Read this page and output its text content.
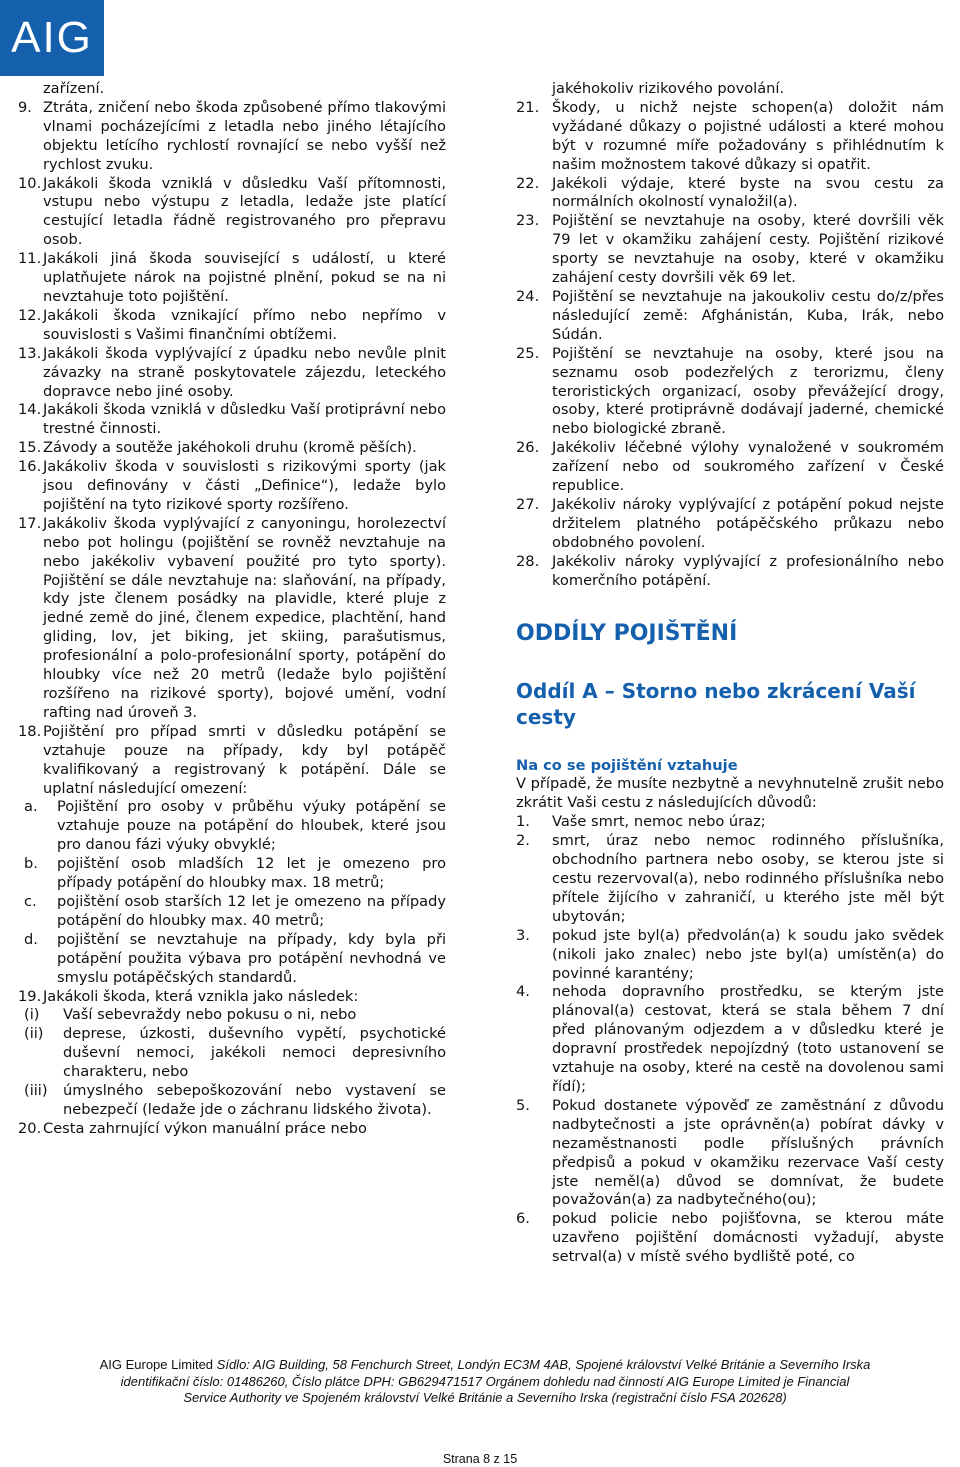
AIG
zařízení.
9. Ztráta, zničení nebo škoda způsobené přímo tlakovými vlnami pocházejícími z letadla nebo jiného létajícího objektu letícího rychlostí rovnající se nebo vyšší než rychlost zvuku.
10. Jakákoli škoda vzniklá v důsledku Vaší přítomnosti, vstupu nebo výstupu z letadla, ledaže jste platící cestující letadla řádně registrovaného pro přepravu osob.
11. Jakákoli jiná škoda související s událostí, u které uplatňujete nárok na pojistné plnění, pokud se na ni nevztahuje toto pojištění.
12. Jakákoli škoda vznikající přímo nebo nepřímo v souvislosti s Vašimi finančními obtížemi.
13. Jakákoli škoda vyplývající z úpadku nebo nevůle plnit závazky na straně poskytovatele zájezdu, leteckého dopravce nebo jiné osoby.
14. Jakákoli škoda vzniklá v důsledku Vaší protiprávní nebo trestné činnosti.
15. Závody a soutěže jakéhokoli druhu (kromě pěších).
16. Jakákoliv škoda v souvislosti s rizikovými sporty (jak jsou definovány v části „Definice“), ledaže bylo pojištění na tyto rizikové sporty rozšířeno.
17. Jakákoliv škoda vyplývající z canyoningu, horolezectví nebo pot holingu (pojištění se rovněž nevztahuje na nebo jakékoliv vybavení použité pro tyto sporty). Pojištění se dále nevztahuje na: slaňování, na případy, kdy jste členem posádky na plavidle, které pluje z jedné země do jiné, členem expedice, plachtění, hand gliding, lov, jet biking, jet skiing, parašutismus, profesionální a polo-profesionální sporty, potápění do hloubky více než 20 metrů (ledaže bylo pojištění rozšířeno na rizikové sporty), bojové umění, vodní rafting nad úroveň 3.
18. Pojištění pro případ smrti v důsledku potápění se vztahuje pouze na případy, kdy byl potápěč kvalifikovaný a registrovaný k potápění. Dále se uplatní následující omezení:
a.	Pojištění pro osoby v průběhu výuky potápění se vztahuje pouze na potápění do hloubek, které jsou pro danou fázi výuky obvyklé;
b.	pojištění osob mladších 12 let je omezeno pro případy potápění do hloubky max. 18 metrů;
c.	pojištění osob starších 12 let je omezeno na případy potápění do hloubky max. 40 metrů;
d.	pojištění se nevztahuje na případy, kdy byla při potápění použita výbava pro potápění nevhodná ve smyslu potápěčských standardů.
19. Jakákoli škoda, která vznikla jako následek:
(i)	Vaší sebevraždy nebo pokusu o ni, nebo
(ii)	deprese, úzkosti, duševního vypětí, psychotické duševní nemoci, jakékoli nemoci depresivního charakteru, nebo
(iii)	úmyslného sebepoškozování nebo vystavení se nebezpečí (ledaže jde o záchranu lidského života).
20. Cesta zahrnující výkon manuální práce nebo
jakéhokoliv rizikového povolání.
21. Škody, u nichž nejste schopen(a) doložit nám vyžádané důkazy o pojistné události a které mohou být v rozumné míře požadovány s přihlédnutím k našim možnostem takové důkazy si opatřit.
22. Jakékoli výdaje, které byste na svou cestu za normálních okolností vynaložil(a).
23. Pojištění se nevztahuje na osoby, které dovršili věk 79 let v okamžiku zahájení cesty. Pojištění rizikové sporty se nevztahuje na osoby, které v okamžiku zahájení cesty dovršili věk 69 let.
24. Pojištění se nevztahuje na jakoukoliv cestu do/z/přes následující země: Afghánistán, Kuba, Irák, nebo Súdán.
25. Pojištění se nevztahuje na osoby, které jsou na seznamu osob podezřelých z terorizmu, členy teroristických organizací, osoby převážející drogy, osoby, které protiprávně dodávají jaderné, chemické nebo biologické zbraně.
26. Jakékoliv léčebné výlohy vynaložené v soukromém zařízení nebo od soukromého zařízení v České republice.
27. Jakékoliv nároky vyplývající z potápění pokud nejste držitelem platného potápěčského průkazu nebo obdobného povolení.
28. Jakékoliv nároky vyplývající z profesionálního nebo komerčního potápění.
ODDÍLY POJIŠTĚNÍ
Oddíl A – Storno nebo zkrácení Vaší cesty
Na co se pojištění vztahuje
V případě, že musíte nezbytně a nevyhnutelně zrušit nebo zkrátit Vaši cestu z následujících důvodů:
1.	Vaše smrt, nemoc nebo úraz;
2.	smrt, úraz nebo nemoc rodinného příslušníka, obchodního partnera nebo osoby, se kterou jste si cestu rezervoval(a), nebo rodinného příslušníka nebo přítele žijícího v zahraničí, u kterého jste měl být ubytován;
3.	pokud jste byl(a) předvolán(a) k soudu jako svědek (nikoli jako znalec) nebo jste byl(a) umístěn(a) do povinné karantény;
4.	nehoda dopravního prostředku, se kterým jste plánoval(a) cestovat, která se stala během 7 dní před plánovaným odjezdem a v důsledku které je dopravní prostředek nepojízdný (toto ustanovení se vztahuje na osoby, které na cestě na dovolenou sami řídí);
5.	Pokud dostanete výpověď ze zaměstnání z důvodu nadbytečnosti a jste oprávněn(a) pobírat dávky v nezaměstnanosti podle příslušných právních předpisů a pokud v okamžiku rezervace Vaší cesty jste neměl(a) důvod se domnívat, že budete považován(a) za nadbytečného(ou);
6.	pokud policie nebo pojišťovna, se kterou máte uzavřeno pojištění domácnosti vyžadují, abyste setrval(a) v místě svého bydliště poté, co
AIG Europe Limited Sídlo: AIG Building, 58 Fenchurch Street, Londýn EC3M 4AB, Spojené království Velké Británie a Severního Irska
identifikační číslo: 01486260, Číslo plátce DPH: GB629471517 Orgánem dohledu nad činností AIG Europe Limited je Financial
Service Authority ve Spojeném království Velké Británie a Severního Irska (registrační číslo FSA 202628)
Strana 8 z 15
